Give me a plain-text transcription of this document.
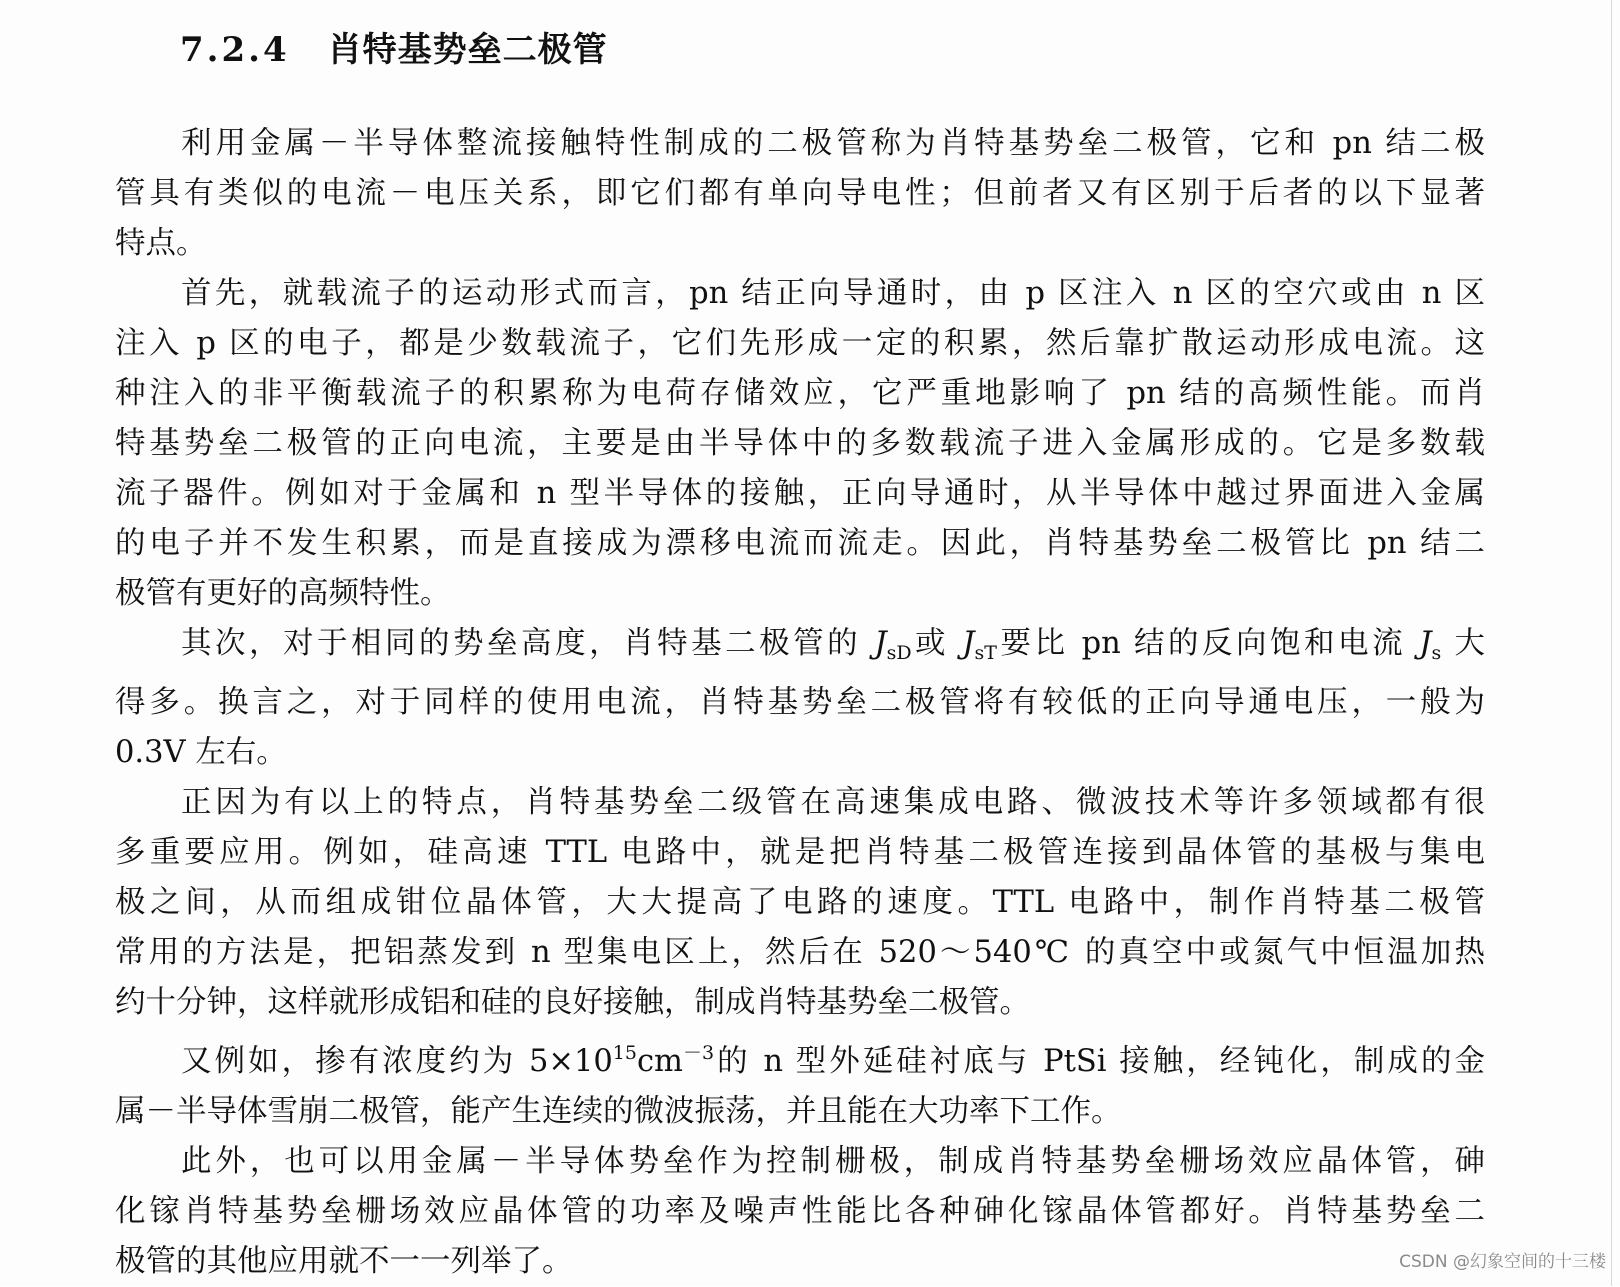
7.2.4 肖特基势垒二极管
利用金属－半导体整流接触特性制成的二极管称为肖特基势垒二极管，它和 pn 结二极
管具有类似的电流－电压关系，即它们都有单向导电性；但前者又有区别于后者的以下显著
特点。
首先，就载流子的运动形式而言，pn 结正向导通时，由 p 区注入 n 区的空穴或由 n 区
注入 p 区的电子，都是少数载流子，它们先形成一定的积累，然后靠扩散运动形成电流。这
种注入的非平衡载流子的积累称为电荷存储效应，它严重地影响了 pn 结的高频性能。而肖
特基势垒二极管的正向电流，主要是由半导体中的多数载流子进入金属形成的。它是多数载
流子器件。例如对于金属和 n 型半导体的接触，正向导通时，从半导体中越过界面进入金属
的电子并不发生积累，而是直接成为漂移电流而流走。因此，肖特基势垒二极管比 pn 结二
极管有更好的高频特性。
其次，对于相同的势垒高度，肖特基二极管的 $J_{sD}$或 $J_{sT}$要比 pn 结的反向饱和电流 $J_s$ 大
得多。换言之，对于同样的使用电流，肖特基势垒二极管将有较低的正向导通电压，一般为
0.3V 左右。
正因为有以上的特点，肖特基势垒二级管在高速集成电路、微波技术等许多领域都有很
多重要应用。例如，硅高速 TTL 电路中，就是把肖特基二极管连接到晶体管的基极与集电
极之间，从而组成钳位晶体管，大大提高了电路的速度。TTL 电路中，制作肖特基二极管
常用的方法是，把铝蒸发到 n 型集电区上，然后在 520～540℃ 的真空中或氮气中恒温加热
约十分钟，这样就形成铝和硅的良好接触，制成肖特基势垒二极管。
又例如，掺有浓度约为 $5\times 10^{15}cm^{-3}$的 n 型外延硅衬底与 PtSi 接触，经钝化，制成的金
属－半导体雪崩二极管，能产生连续的微波振荡，并且能在大功率下工作。
此外，也可以用金属－半导体势垒作为控制栅极，制成肖特基势垒栅场效应晶体管，砷
化镓肖特基势垒栅场效应晶体管的功率及噪声性能比各种砷化镓晶体管都好。肖特基势垒二
极管的其他应用就不一一列举了。	CSDN @幻象空间的十三楼
